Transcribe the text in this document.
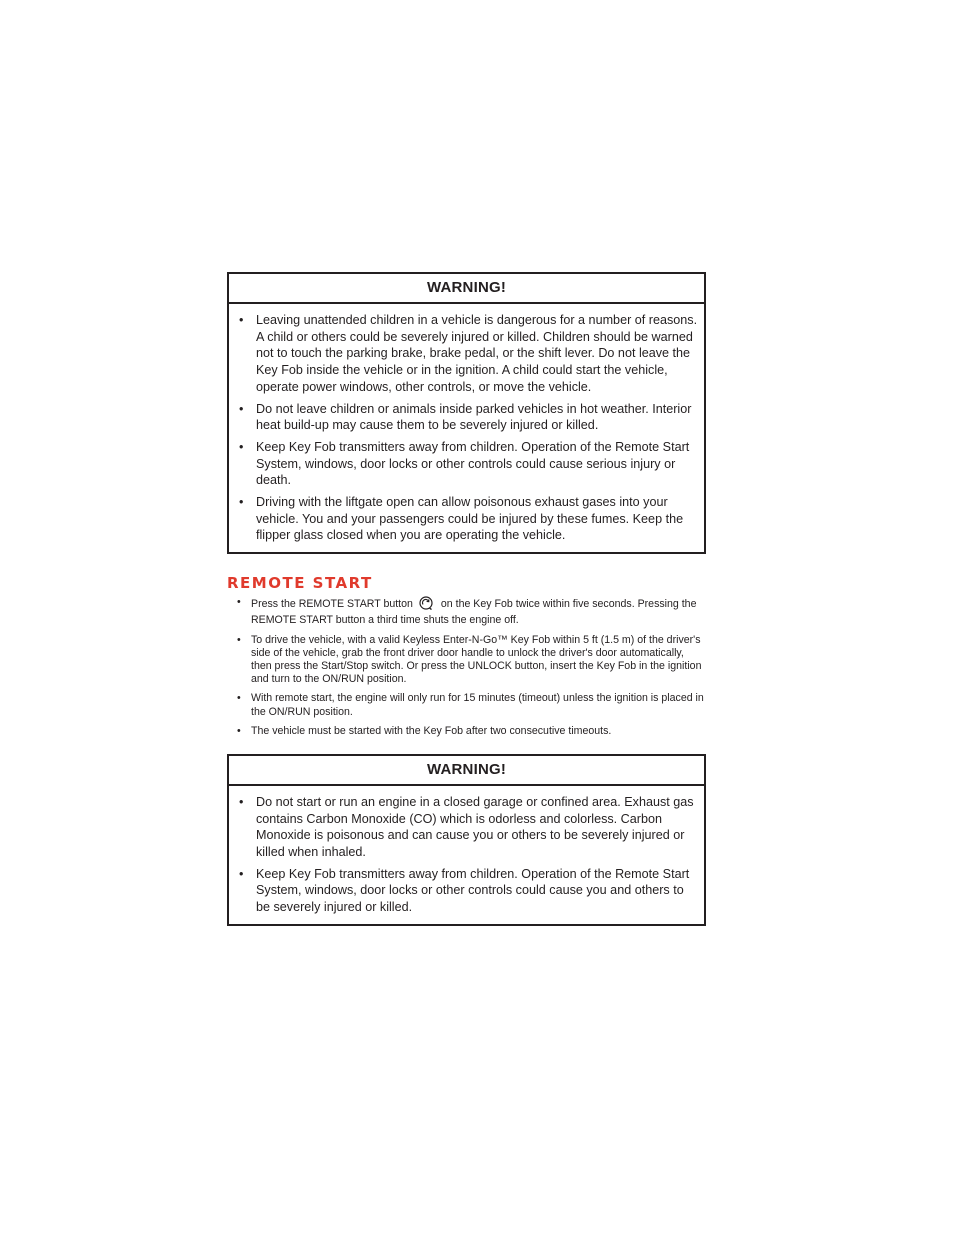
WARNING!
• Leaving unattended children in a vehicle is dangerous for a number of reasons. A child or others could be severely injured or killed. Children should be warned not to touch the parking brake, brake pedal, or the shift lever. Do not leave the Key Fob inside the vehicle or in the ignition. A child could start the vehicle, operate power windows, other controls, or move the vehicle.
• Do not leave children or animals inside parked vehicles in hot weather. Interior heat build-up may cause them to be severely injured or killed.
• Keep Key Fob transmitters away from children. Operation of the Remote Start System, windows, door locks or other controls could cause serious injury or death.
• Driving with the liftgate open can allow poisonous exhaust gases into your vehicle. You and your passengers could be injured by these fumes. Keep the flipper glass closed when you are operating the vehicle.
REMOTE START
• Press the REMOTE START button	on the Key Fob twice within five seconds. Pressing the REMOTE START button a third time shuts the engine off.
• To drive the vehicle, with a valid Keyless Enter-N-Go™ Key Fob within 5 ft (1.5 m) of the driver's side of the vehicle, grab the front driver door handle to unlock the driver's door automatically, then press the Start/Stop switch. Or press the UNLOCK button, insert the Key Fob in the ignition and turn to the ON/RUN position.
• With remote start, the engine will only run for 15 minutes (timeout) unless the ignition is placed in the ON/RUN position.
• The vehicle must be started with the Key Fob after two consecutive timeouts.
WARNING!
• Do not start or run an engine in a closed garage or confined area. Exhaust gas contains Carbon Monoxide (CO) which is odorless and colorless. Carbon Monoxide is poisonous and can cause you or others to be severely injured or killed when inhaled.
• Keep Key Fob transmitters away from children. Operation of the Remote Start System, windows, door locks or other controls could cause you and others to be severely injured or killed.
